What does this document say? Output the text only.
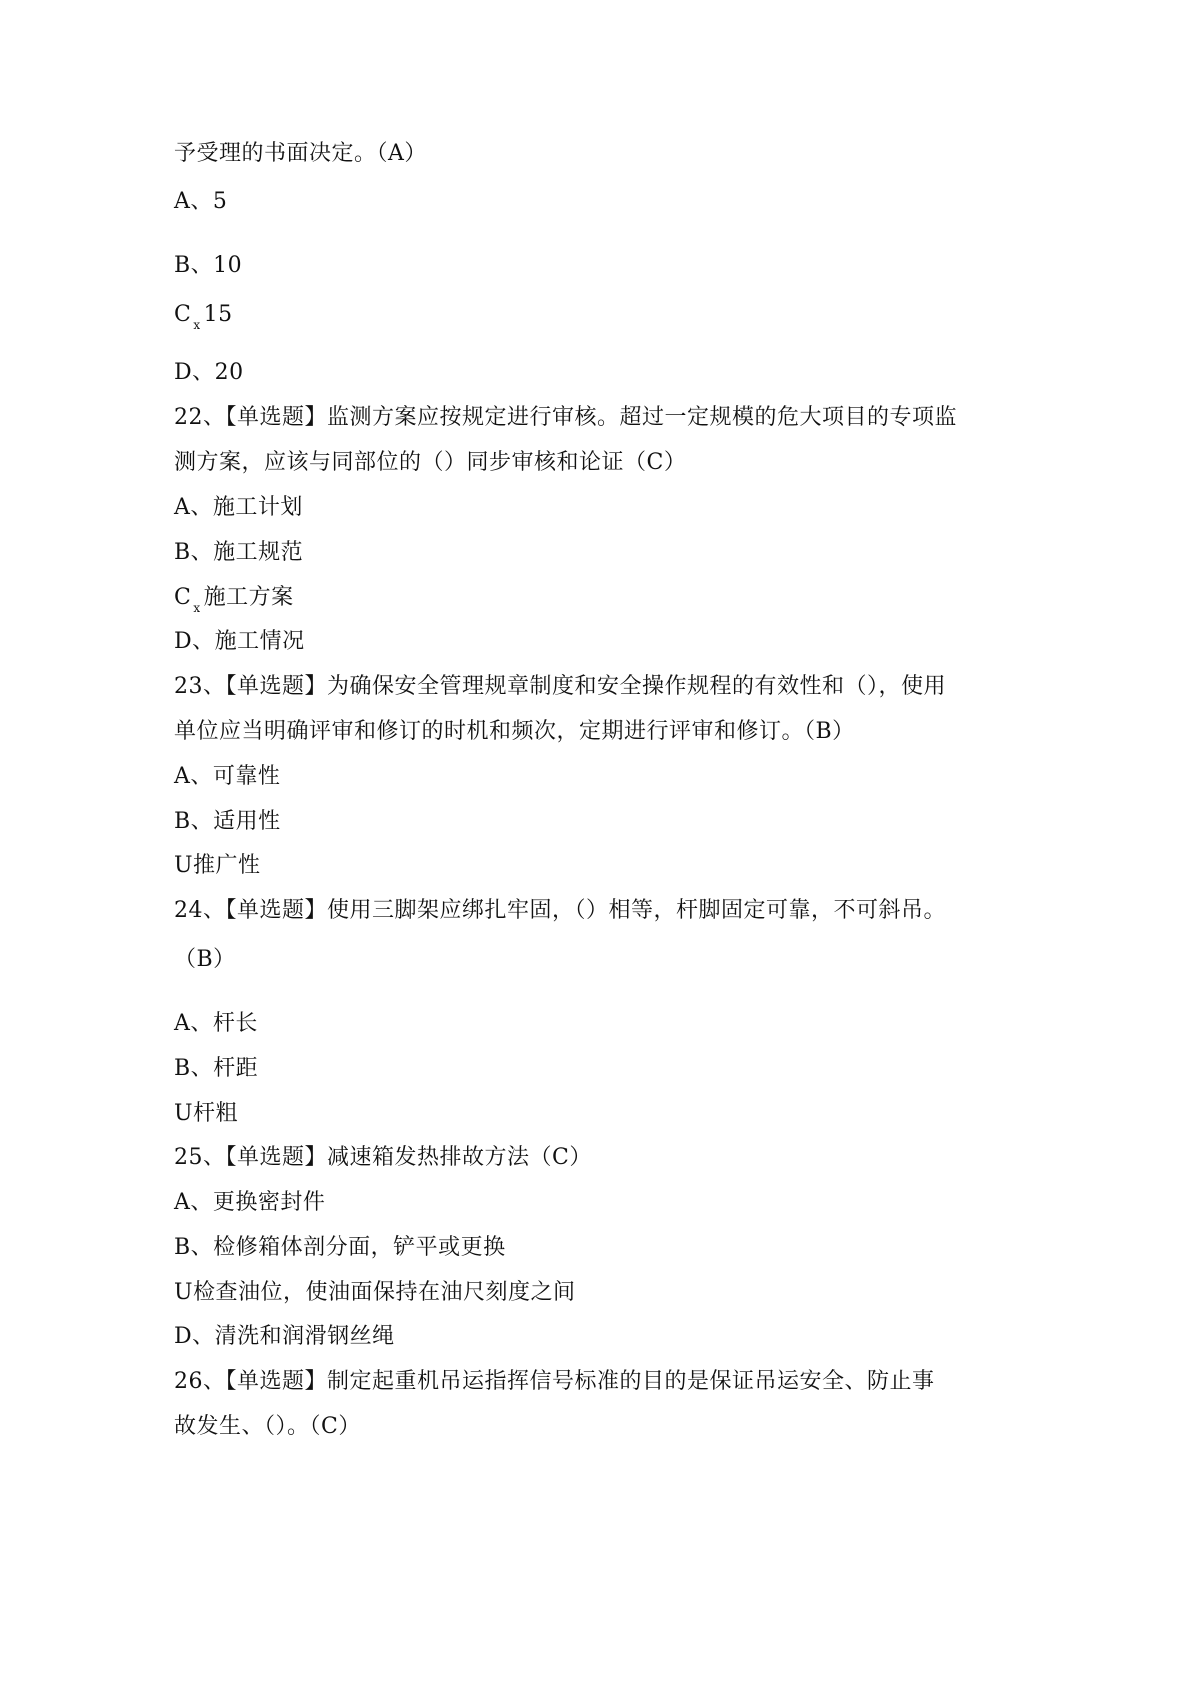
予受理的书面决定。（A）
A、5
B、10
C $_x$ 15
D、20
22、【单选题】监测方案应按规定进行审核。超过一定规模的危大项目的专项监
测方案，应该与同部位的（）同步审核和论证（C）
A、施工计划
B、施工规范
C $_x$ 施工方案
D、施工情况
23、【单选题】为确保安全管理规章制度和安全操作规程的有效性和（），使用
单位应当明确评审和修订的时机和频次，定期进行评审和修订。（B）
A、可靠性
B、适用性
U推广性
24、【单选题】使用三脚架应绑扎牢固，（）相等，杆脚固定可靠，不可斜吊。
（B）
A、杆长
B、杆距
U杆粗
25、【单选题】减速箱发热排故方法（C）
A、更换密封件
B、检修箱体剖分面，铲平或更换
U检查油位，使油面保持在油尺刻度之间
D、清洗和润滑钢丝绳
26、【单选题】制定起重机吊运指挥信号标准的目的是保证吊运安全、防止事
故发生、（）。（C）
